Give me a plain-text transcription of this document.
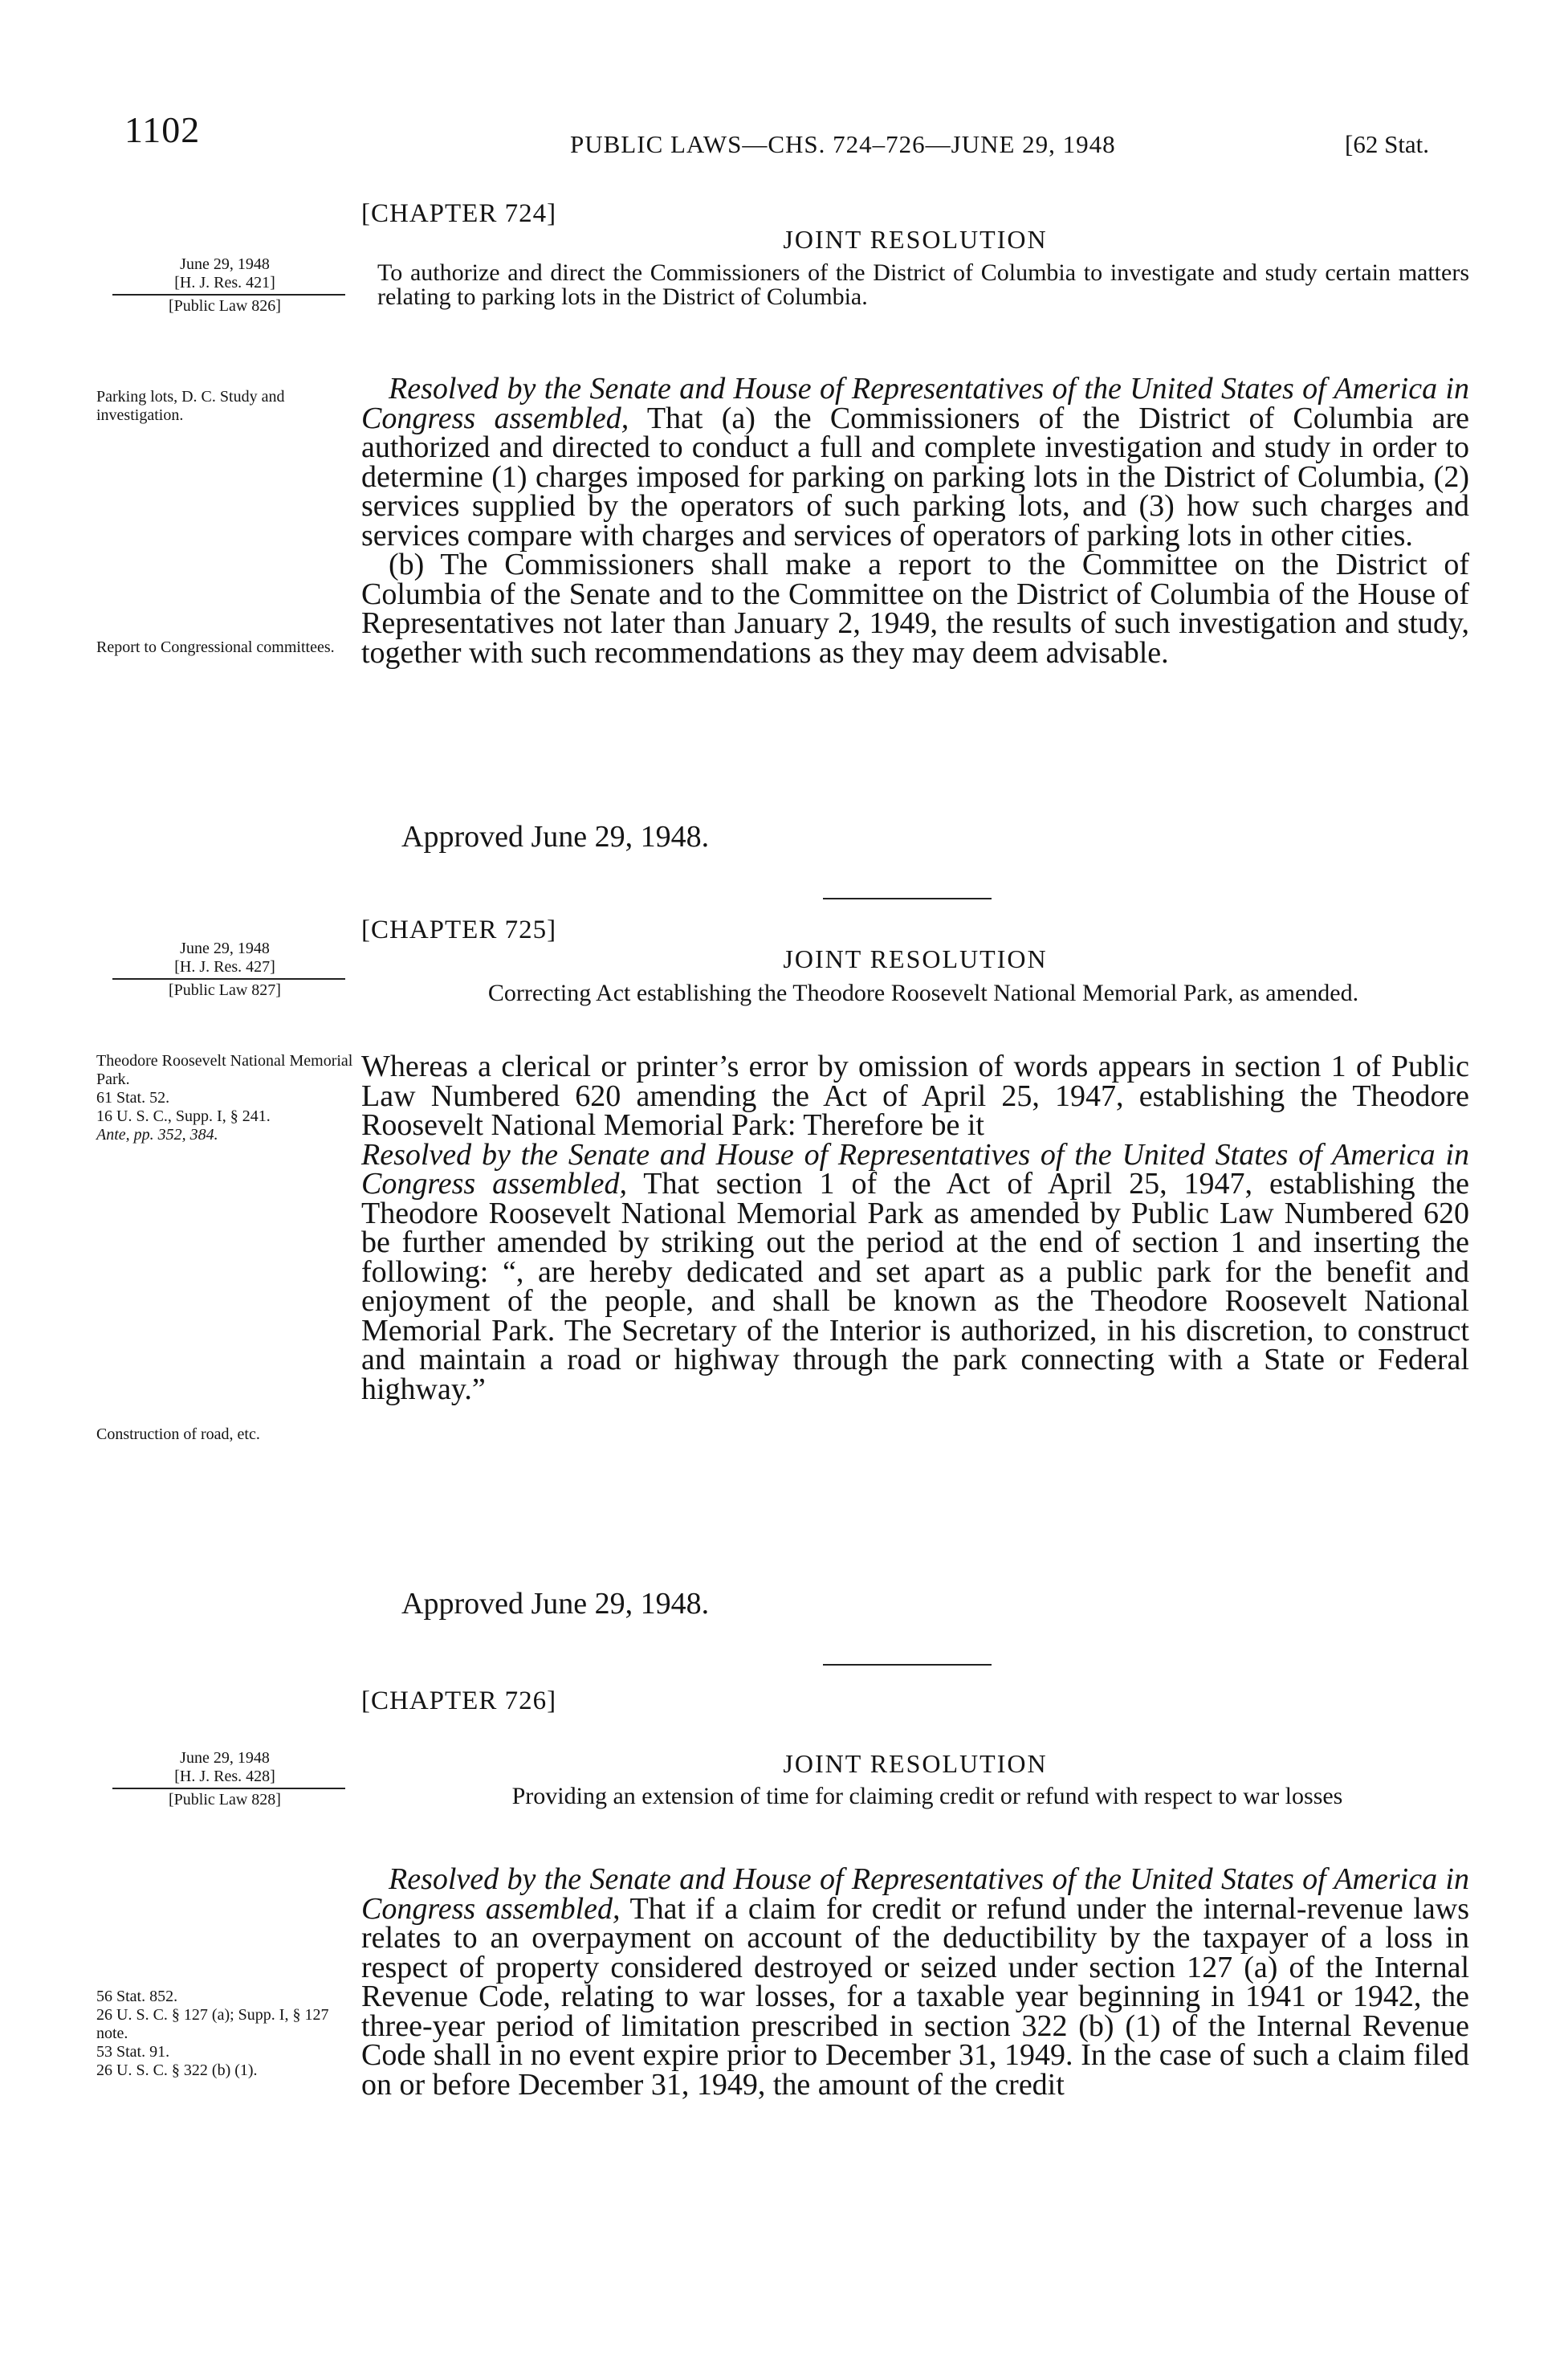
1102	PUBLIC LAWS—CHS. 724–726—JUNE 29, 1948	[62 Stat.
[CHAPTER 724]
JOINT RESOLUTION
June 29, 1948
[H. J. Res. 421]
[Public Law 826]
To authorize and direct the Commissioners of the District of Columbia to investigate and study certain matters relating to parking lots in the District of Columbia.
Parking lots, D. C. Study and investigation.
Report to Congressional committees.

Resolved by the Senate and House of Representatives of the United States of America in Congress assembled, That (a) the Commissioners of the District of Columbia are authorized and directed to conduct a full and complete investigation and study in order to determine (1) charges imposed for parking on parking lots in the District of Columbia, (2) services supplied by the operators of such parking lots, and (3) how such charges and services compare with charges and services of operators of parking lots in other cities.

(b) The Commissioners shall make a report to the Committee on the District of Columbia of the Senate and to the Committee on the District of Columbia of the House of Representatives not later than January 2, 1949, the results of such investigation and study, together with such recommendations as they may deem advisable.

Approved June 29, 1948.
[CHAPTER 725]
JOINT RESOLUTION
June 29, 1948
[H. J. Res. 427]
[Public Law 827]	Correcting Act establishing the Theodore Roosevelt National Memorial Park, as amended.
Theodore Roosevelt National Memorial Park.
61 Stat. 52.
16 U. S. C., Supp. I, § 241.
Ante, pp. 352, 384.
Construction of road, etc.

Whereas a clerical or printer’s error by omission of words appears in section 1 of Public Law Numbered 620 amending the Act of April 25, 1947, establishing the Theodore Roosevelt National Memorial Park: Therefore be it

Resolved by the Senate and House of Representatives of the United States of America in Congress assembled, That section 1 of the Act of April 25, 1947, establishing the Theodore Roosevelt National Memorial Park as amended by Public Law Numbered 620 be further amended by striking out the period at the end of section 1 and inserting the following: “, are hereby dedicated and set apart as a public park for the benefit and enjoyment of the people, and shall be known as the Theodore Roosevelt National Memorial Park. The Secretary of the Interior is authorized, in his discretion, to construct and maintain a road or highway through the park connecting with a State or Federal highway.”

Approved June 29, 1948.
[CHAPTER 726]
JOINT RESOLUTION
June 29, 1948
[H. J. Res. 428]
[Public Law 828]	Providing an extension of time for claiming credit or refund with respect to war losses
56 Stat. 852.
26 U. S. C. § 127 (a); Supp. I, § 127 note.
53 Stat. 91.
26 U. S. C. § 322 (b) (1).

Resolved by the Senate and House of Representatives of the United States of America in Congress assembled, That if a claim for credit or refund under the internal-revenue laws relates to an overpayment on account of the deductibility by the taxpayer of a loss in respect of property considered destroyed or seized under section 127 (a) of the Internal Revenue Code, relating to war losses, for a taxable year beginning in 1941 or 1942, the three-year period of limitation prescribed in section 322 (b) (1) of the Internal Revenue Code shall in no event expire prior to December 31, 1949. In the case of such a claim filed on or before December 31, 1949, the amount of the credit
